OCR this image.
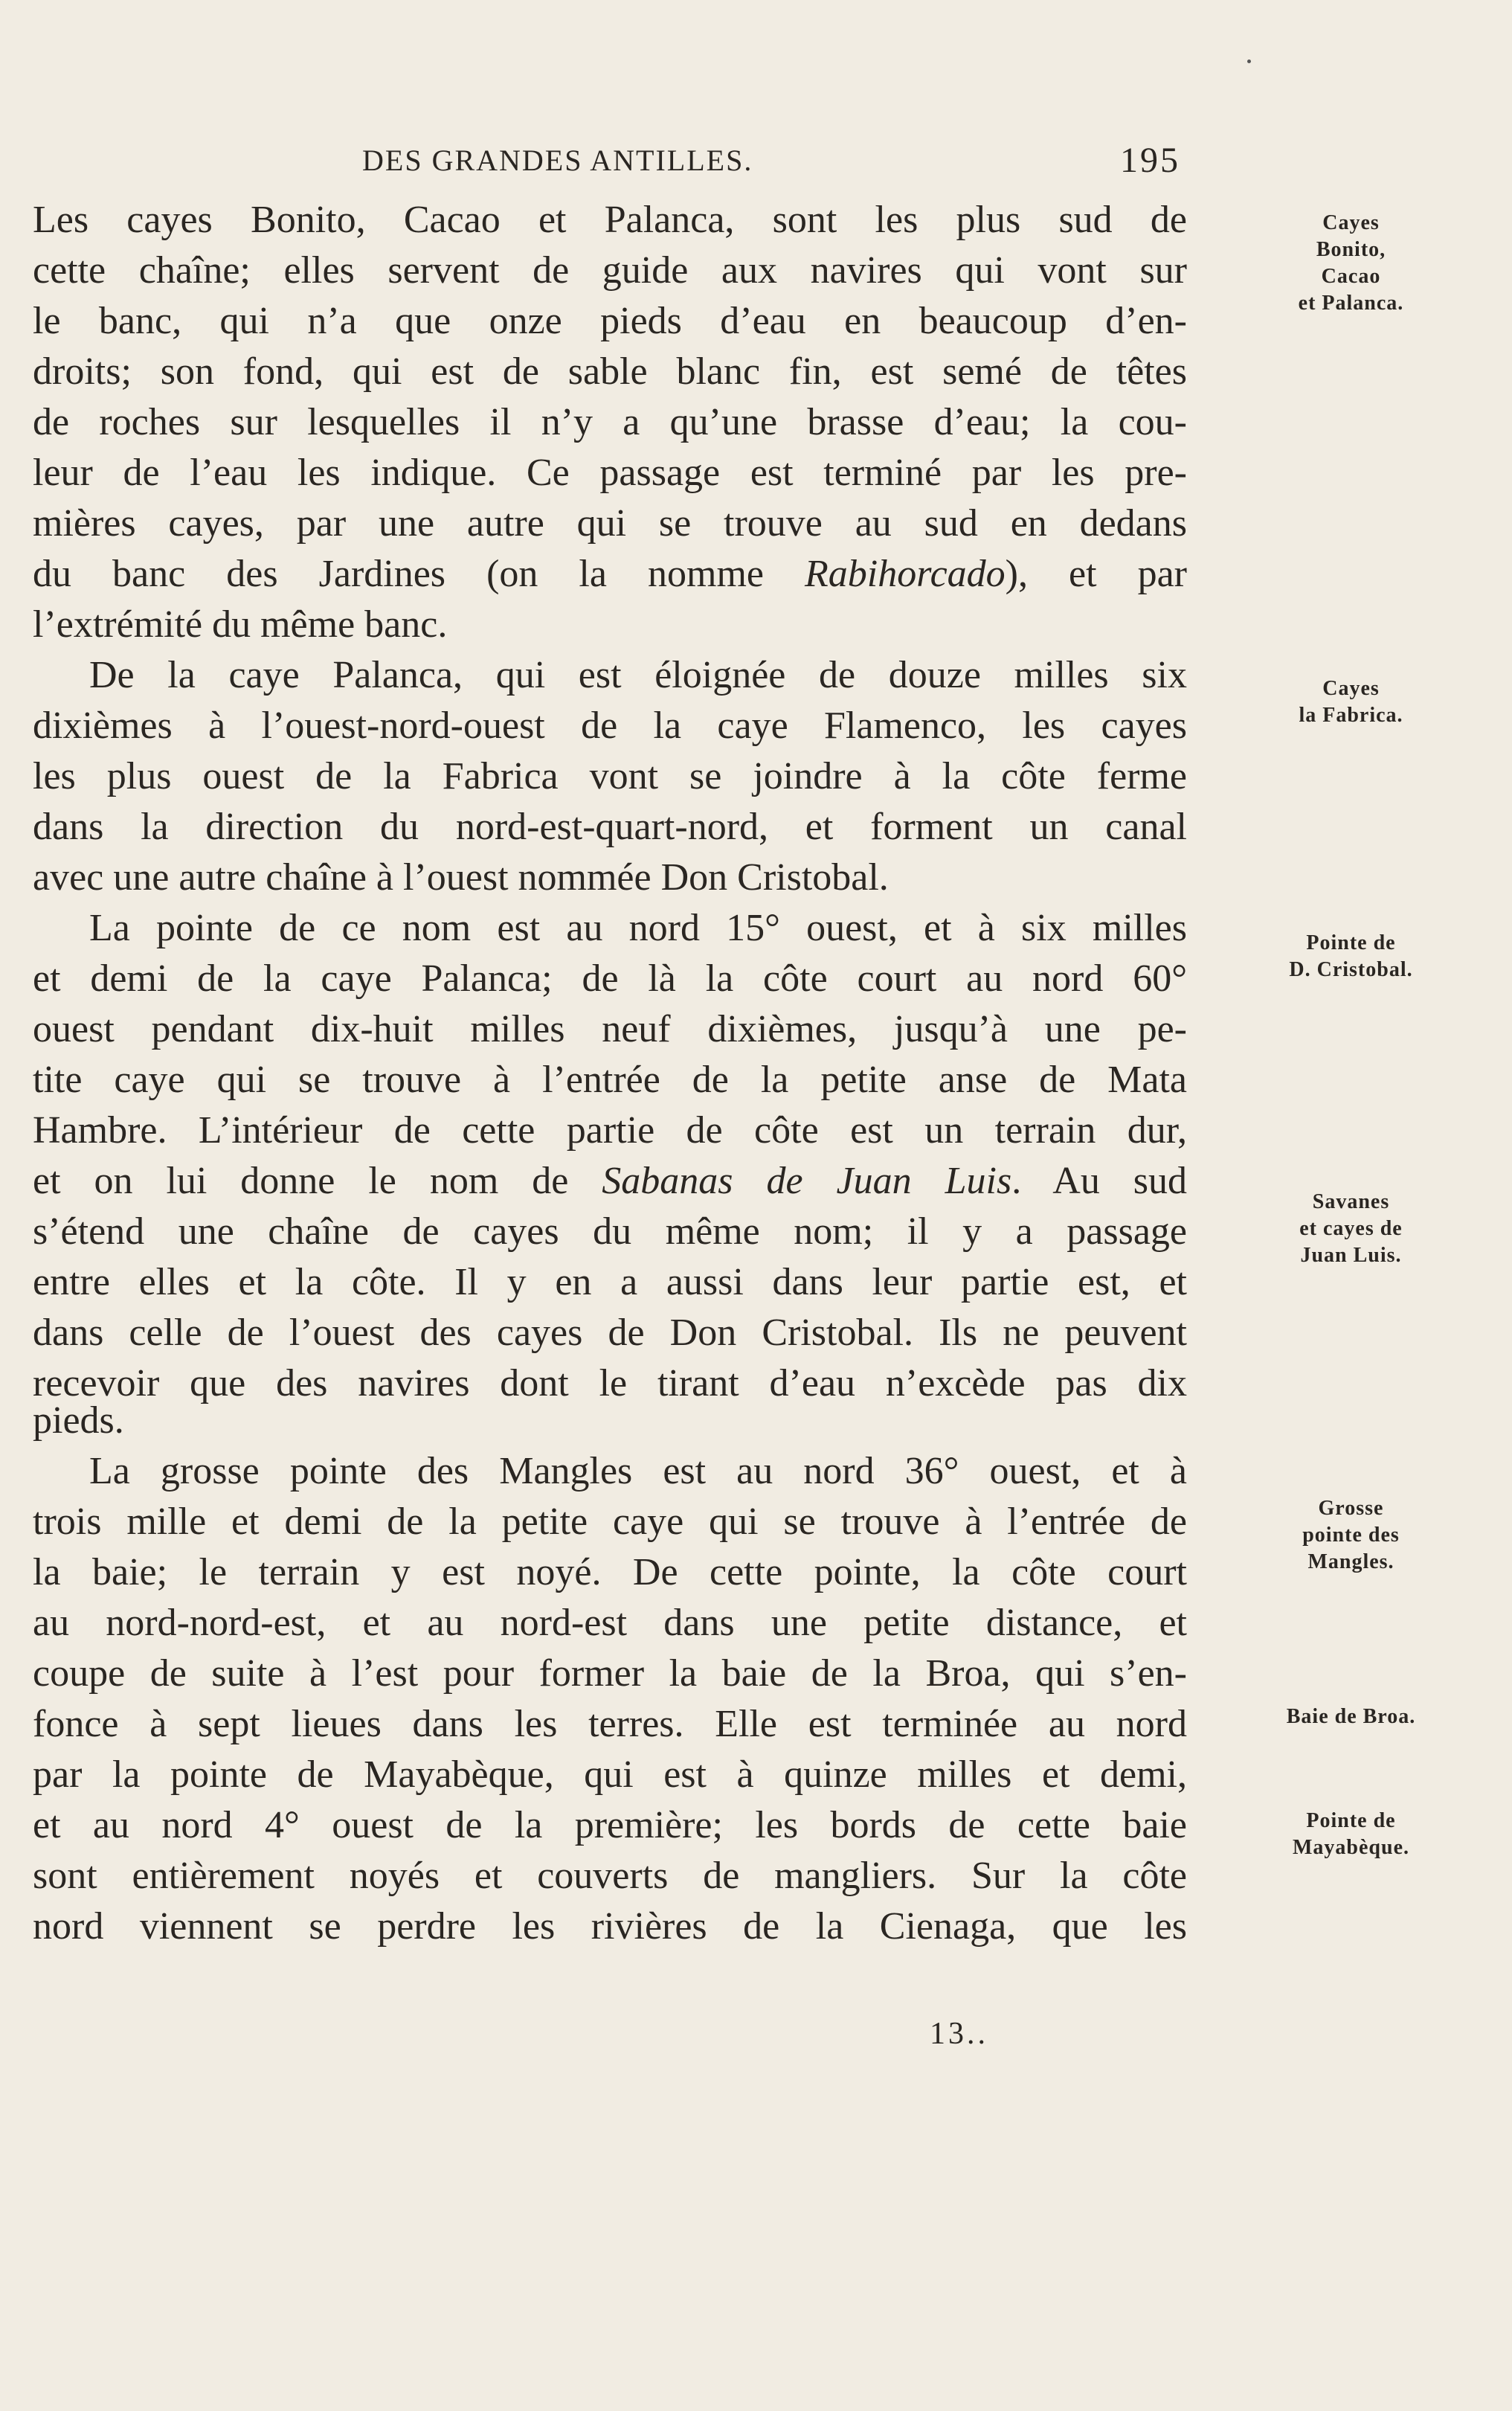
DES GRANDES ANTILLES.	195
Les cayes Bonito, Cacao et Palanca, sont les plus sud de
cette chaîne; elles servent de guide aux navires qui vont sur
le banc, qui n’a que onze pieds d’eau en beaucoup d’en-
droits; son fond, qui est de sable blanc fin, est semé de têtes
de roches sur lesquelles il n’y a qu’une brasse d’eau; la cou-
leur de l’eau les indique. Ce passage est terminé par les pre-
mières cayes, par une autre qui se trouve au sud en dedans
du banc des Jardines (on la nomme Rabihorcado), et par
l’extrémité du même banc.
De la caye Palanca, qui est éloignée de douze milles six
dixièmes à l’ouest-nord-ouest de la caye Flamenco, les cayes
les plus ouest de la Fabrica vont se joindre à la côte ferme
dans la direction du nord-est-quart-nord, et forment un canal
avec une autre chaîne à l’ouest nommée Don Cristobal.
La pointe de ce nom est au nord 15° ouest, et à six milles
et demi de la caye Palanca; de là la côte court au nord 60°
ouest pendant dix-huit milles neuf dixièmes, jusqu’à une pe-
tite caye qui se trouve à l’entrée de la petite anse de Mata
Hambre. L’intérieur de cette partie de côte est un terrain dur,
et on lui donne le nom de Sabanas de Juan Luis. Au sud
s’étend une chaîne de cayes du même nom; il y a passage
entre elles et la côte. Il y en a aussi dans leur partie est, et
dans celle de l’ouest des cayes de Don Cristobal. Ils ne peuvent
recevoir que des navires dont le tirant d’eau n’excède pas dix
pieds.
La grosse pointe des Mangles est au nord 36° ouest, et à
trois mille et demi de la petite caye qui se trouve à l’entrée de
la baie; le terrain y est noyé. De cette pointe, la côte court
au nord-nord-est, et au nord-est dans une petite distance, et
coupe de suite à l’est pour former la baie de la Broa, qui s’en-
fonce à sept lieues dans les terres. Elle est terminée au nord
par la pointe de Mayabèque, qui est à quinze milles et demi,
et au nord 4° ouest de la première; les bords de cette baie
sont entièrement noyés et couverts de mangliers. Sur la côte
nord viennent se perdre les rivières de la Cienaga, que les
Cayes
Bonito,
Cacao
et Palanca.
Cayes
la Fabrica.
Pointe de
D. Cristobal.
Savanes
et cayes de
Juan Luis.
Grosse
pointe des
Mangles.
Baie de Broa.
Pointe de
Mayabèque.
13..
